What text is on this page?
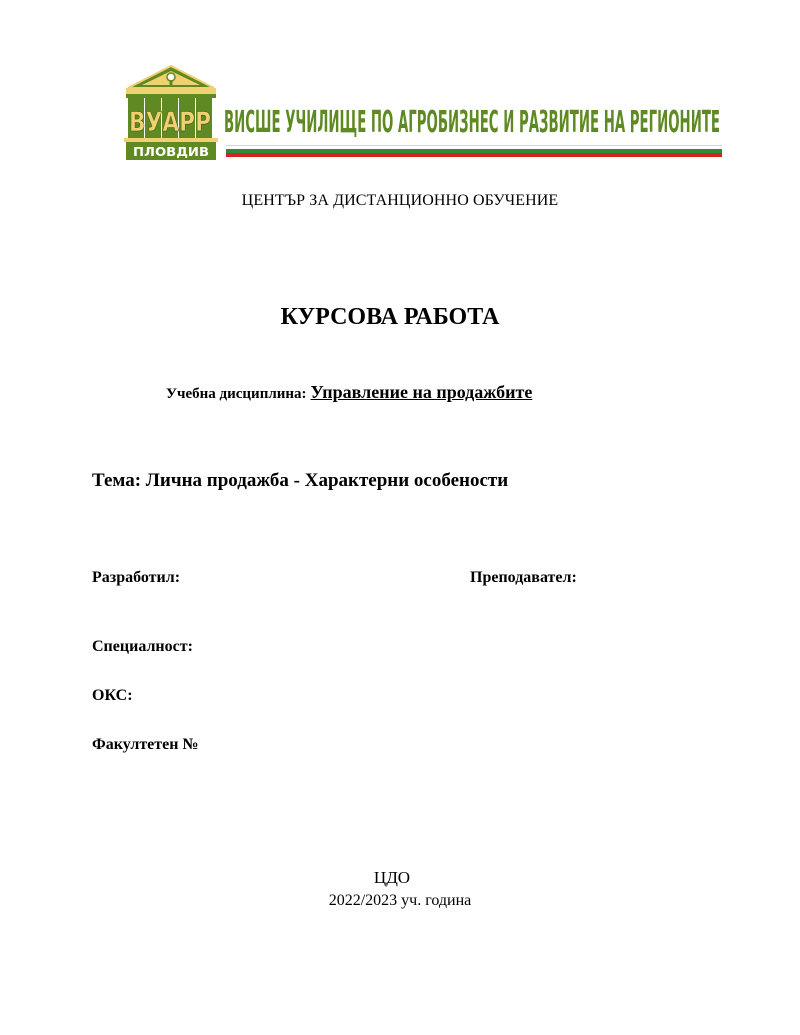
ВУАРР
ПЛОВДИВ
ВИСШЕ УЧИЛИЩЕ ПО АГРОБИЗНЕС И РАЗВИТИЕ НА РЕГИОНИТЕ
ЦЕНТЪР ЗА ДИСТАНЦИОННО ОБУЧЕНИЕ
КУРСОВА РАБОТА
Учебна дисциплина: Управление на продажбите
Тема: Лична продажба - Характерни особености
Разработил:	Преподавател:
Специалност:
ОКС:
Факултетен №
ЦДО
2022/2023 уч. година
